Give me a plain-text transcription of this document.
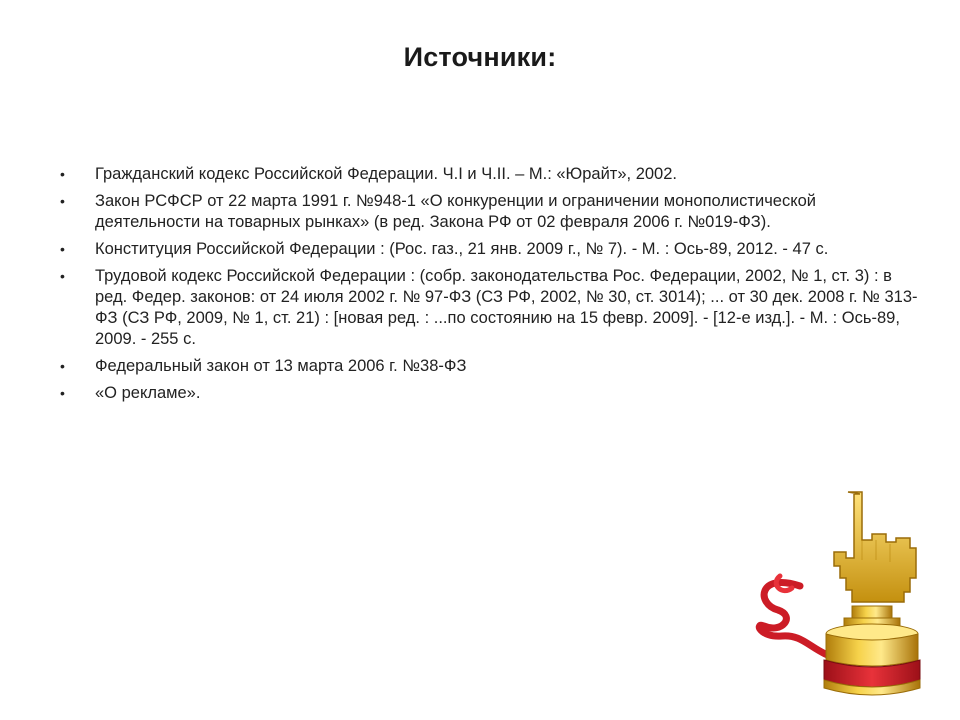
Источники:
• Гражданский кодекс Российской Федерации. Ч.I и Ч.II. – М.: «Юрайт», 2002.
• Закон РСФСР от 22 марта 1991 г. №948-1 «О конкуренции и ограничении монополистической деятельности на товарных рынках» (в ред. Закона РФ от 02 февраля 2006 г. №019-ФЗ).
• Конституция Российской Федерации : (Рос. газ., 21 янв. 2009 г., № 7). - М. : Ось-89, 2012. - 47 с.
• Трудовой кодекс Российской Федерации : (собр. законодательства Рос. Федерации, 2002, № 1, ст. 3) : в ред. Федер. законов: от 24 июля 2002 г. № 97-ФЗ (СЗ РФ, 2002, № 30, ст. 3014); ... от 30 дек. 2008 г. № 313-ФЗ (СЗ РФ, 2009, № 1, ст. 21) : [новая ред. : ...по состоянию на 15 февр. 2009]. - [12-е изд.]. - М. : Ось-89, 2009. - 255 с.
• Федеральный закон от 13 марта 2006 г. №38-ФЗ
• «О рекламе».
